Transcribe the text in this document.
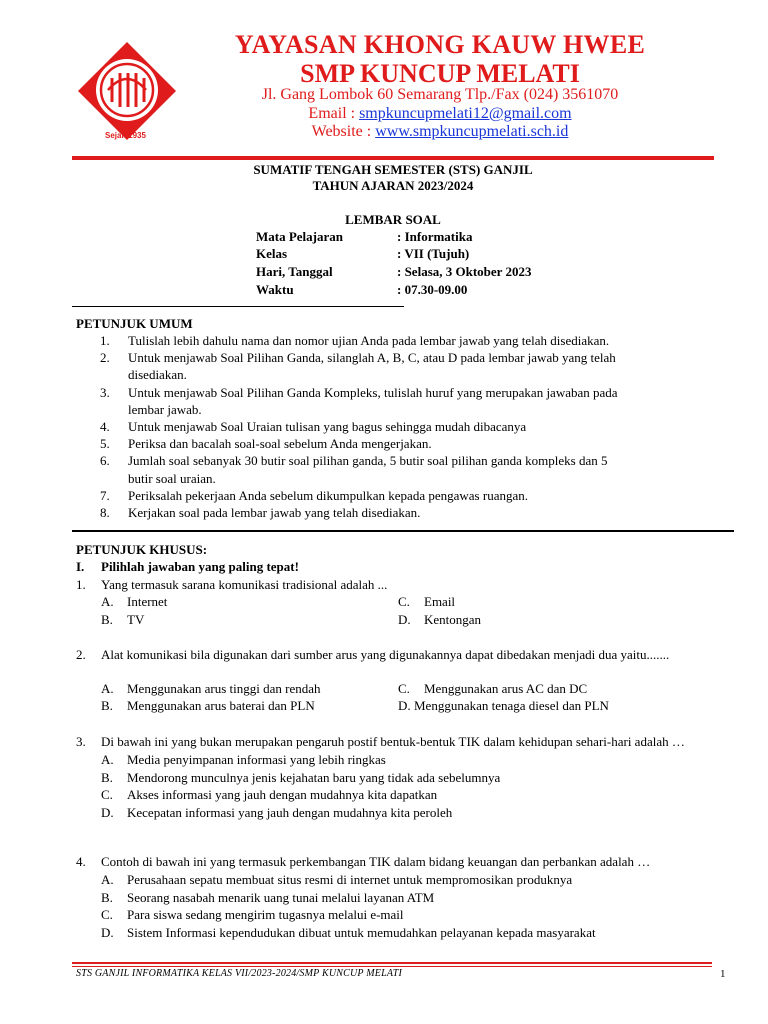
Sejak 1935
YAYASAN KHONG KAUW HWEE
SMP KUNCUP MELATI
Jl. Gang Lombok 60 Semarang Tlp./Fax (024) 3561070
Email : smpkuncupmelati12@gmail.com
Website : www.smpkuncupmelati.sch.id
SUMATIF TENGAH SEMESTER (STS) GANJIL
TAHUN AJARAN 2023/2024
LEMBAR SOAL
Mata Pelajaran	: Informatika
Kelas	: VII (Tujuh)
Hari, Tanggal	: Selasa, 3 Oktober 2023
Waktu	: 07.30-09.00
PETUNJUK UMUM
1. Tulislah lebih dahulu nama dan nomor ujian Anda pada lembar jawab yang telah disediakan.
2. Untuk menjawab Soal Pilihan Ganda, silanglah A, B, C, atau D pada lembar jawab yang telah
disediakan.
3. Untuk menjawab Soal Pilihan Ganda Kompleks, tulislah huruf yang merupakan jawaban pada
lembar jawab.
4. Untuk menjawab Soal Uraian tulisan yang bagus sehingga mudah dibacanya
5. Periksa dan bacalah soal-soal sebelum Anda mengerjakan.
6. Jumlah soal sebanyak 30 butir soal pilihan ganda, 5 butir soal pilihan ganda kompleks dan 5
butir soal uraian.
7. Periksalah pekerjaan Anda sebelum dikumpulkan kepada pengawas ruangan.
8. Kerjakan soal pada lembar jawab yang telah disediakan.
PETUNJUK KHUSUS:
I. Pilihlah jawaban yang paling tepat!
1. Yang termasuk sarana komunikasi tradisional adalah ...
A. Internet
B. TV
C. Email
D. Kentongan
2. Alat komunikasi bila digunakan dari sumber arus yang digunakannya dapat dibedakan menjadi dua yaitu.......
A. Menggunakan arus tinggi dan rendah
B. Menggunakan arus baterai dan PLN
C. Menggunakan arus AC dan DC
D. Menggunakan tenaga diesel dan PLN
3. Di bawah ini yang bukan merupakan pengaruh postif bentuk-bentuk TIK dalam kehidupan sehari-hari adalah …
A. Media penyimpanan informasi yang lebih ringkas
B. Mendorong munculnya jenis kejahatan baru yang tidak ada sebelumnya
C. Akses informasi yang jauh dengan mudahnya kita dapatkan
D. Kecepatan informasi yang jauh dengan mudahnya kita peroleh
4. Contoh di bawah ini yang termasuk perkembangan TIK dalam bidang keuangan dan perbankan adalah …
A. Perusahaan sepatu membuat situs resmi di internet untuk mempromosikan produknya
B. Seorang nasabah menarik uang tunai melalui layanan ATM
C. Para siswa sedang mengirim tugasnya melalui e-mail
D. Sistem Informasi kependudukan dibuat untuk memudahkan pelayanan kepada masyarakat
STS GANJIL INFORMATIKA KELAS VII/2023-2024/SMP KUNCUP MELATI	1
